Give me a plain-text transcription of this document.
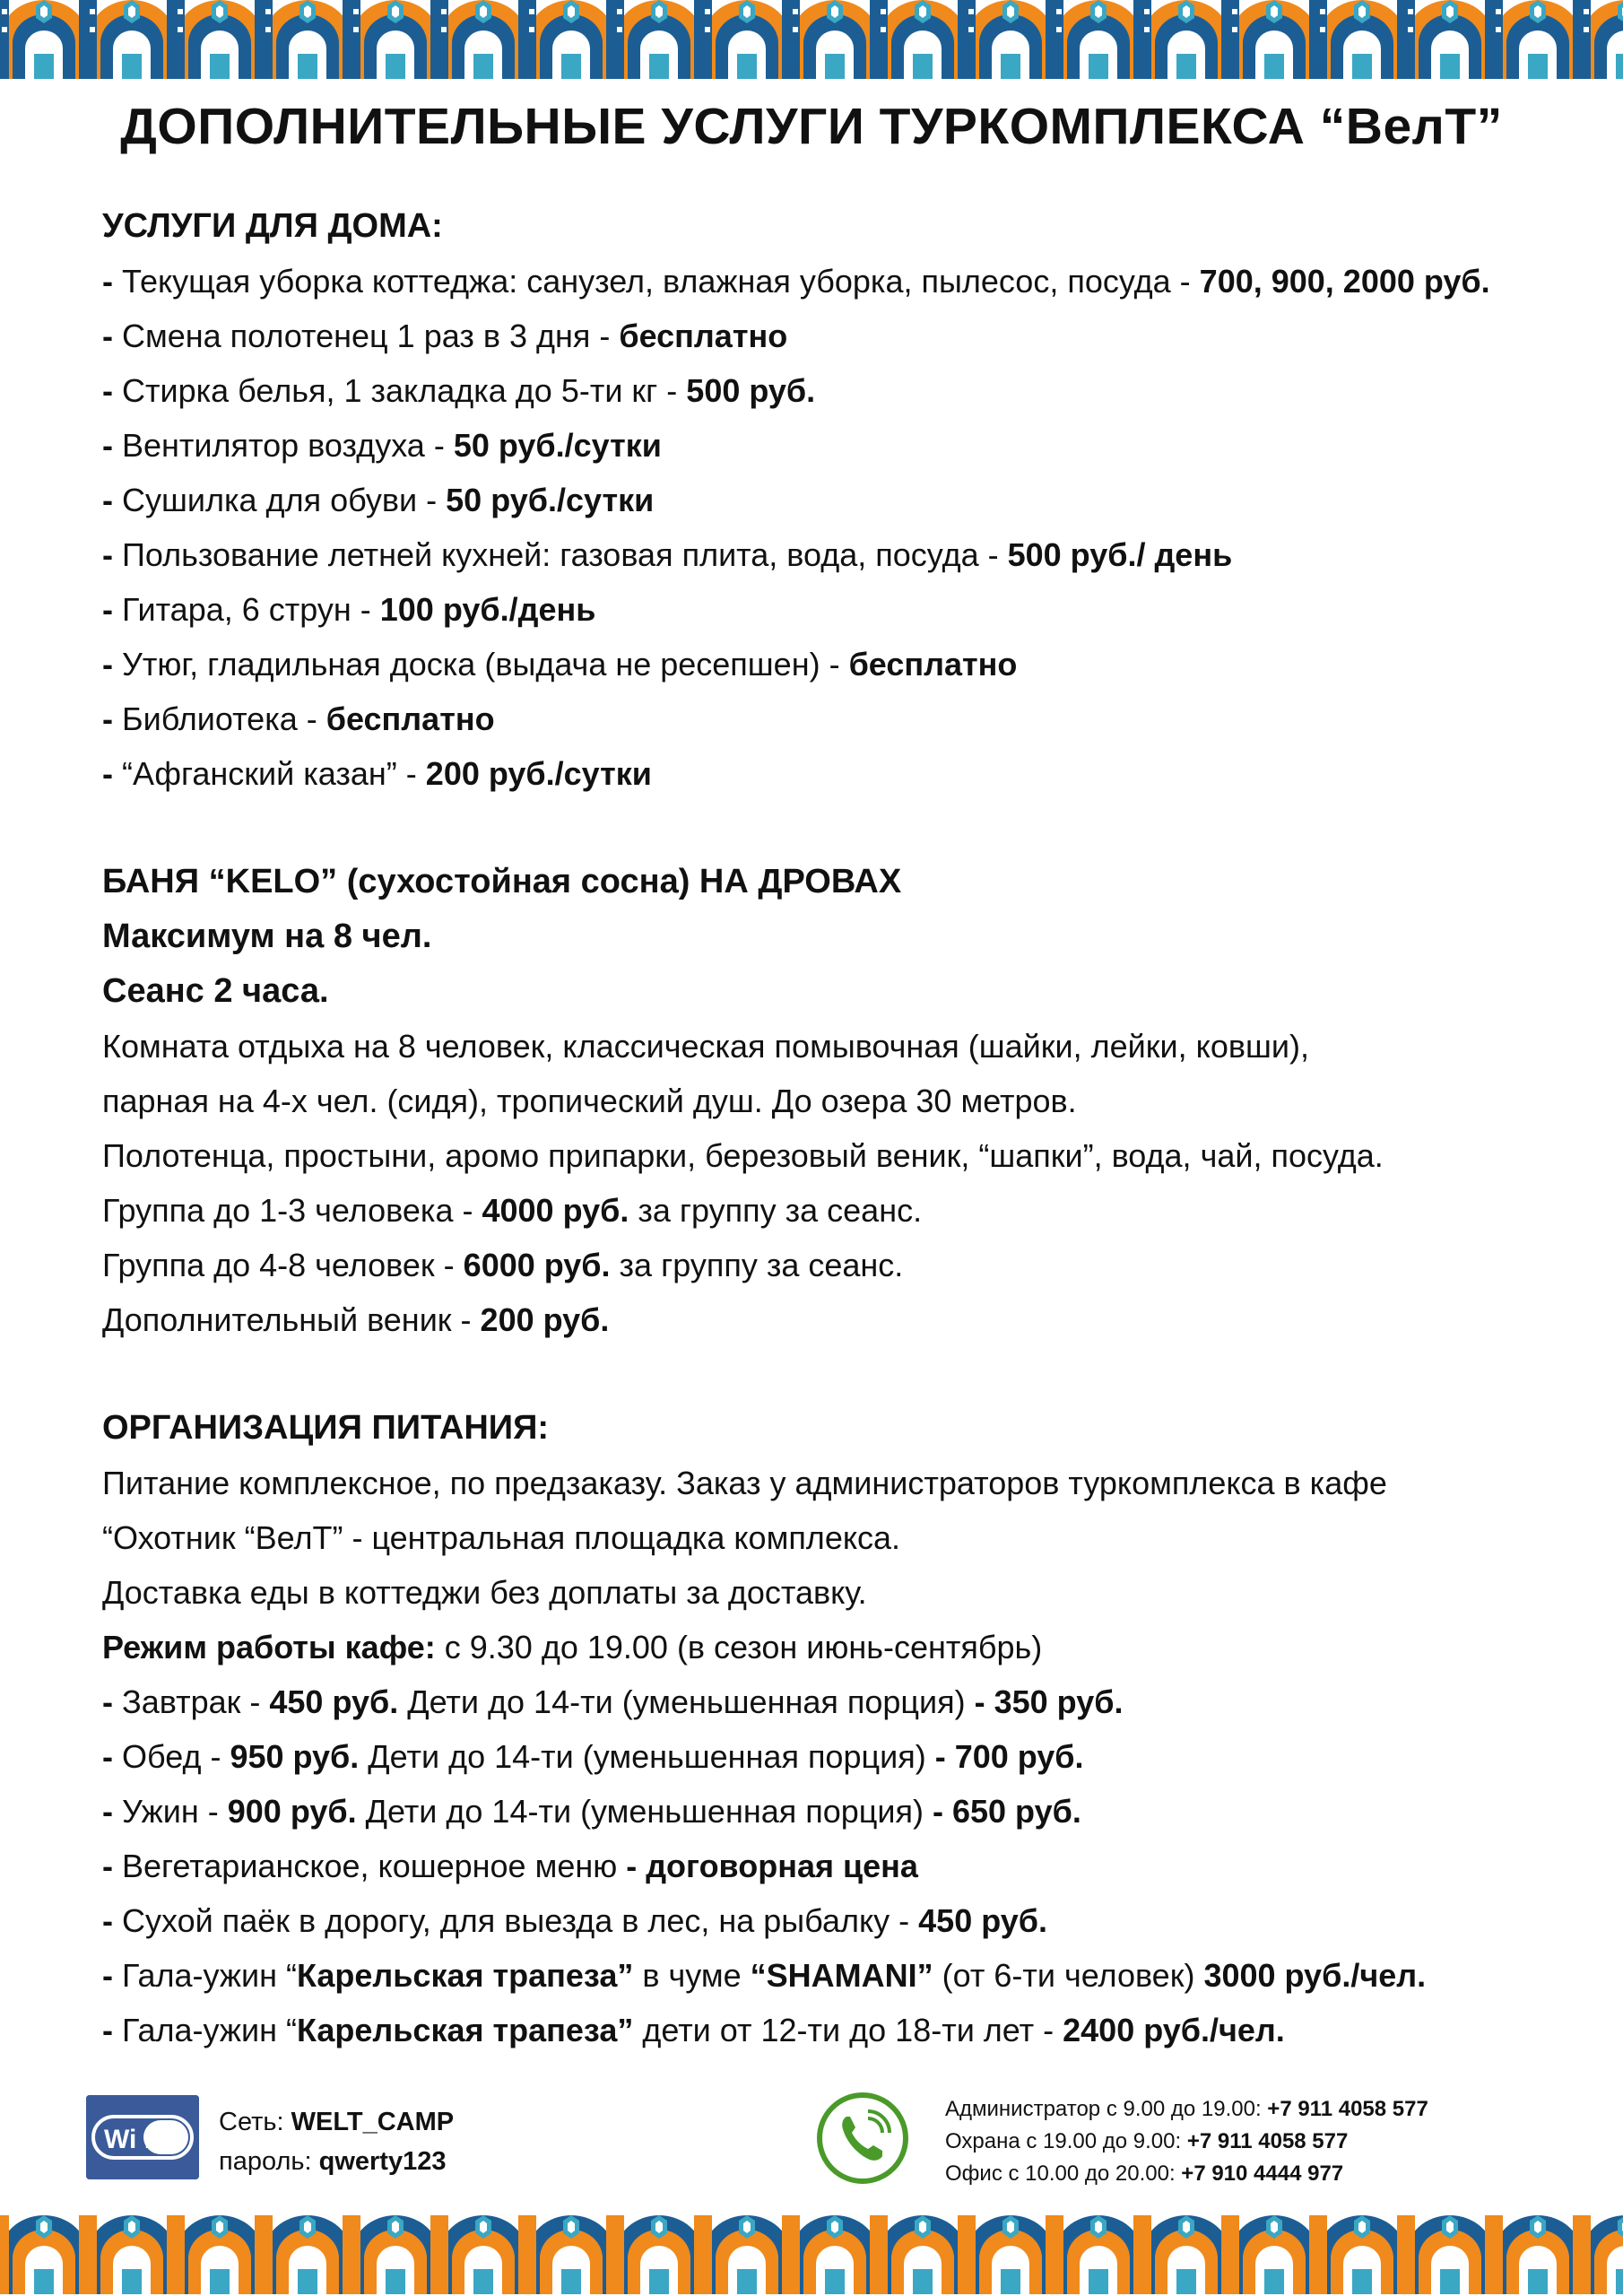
ДОПОЛНИТЕЛЬНЫЕ УСЛУГИ ТУРКОМПЛЕКСА “ВелТ”
УСЛУГИ ДЛЯ ДОМА:
- Текущая уборка коттеджа: санузел, влажная уборка, пылесос, посуда - 700, 900, 2000 руб.
- Смена полотенец 1 раз в 3 дня - бесплатно
- Стирка белья, 1 закладка до 5-ти кг - 500 руб.
- Вентилятор воздуха - 50 руб./сутки
- Сушилка для обуви - 50 руб./сутки
- Пользование летней кухней: газовая плита, вода, посуда - 500 руб./ день
- Гитара, 6 струн - 100 руб./день
- Утюг, гладильная доска (выдача не ресепшен) - бесплатно
- Библиотека - бесплатно
- “Афганский казан” - 200 руб./сутки
БАНЯ “KELO” (сухостойная сосна) НА ДРОВАХ
Максимум на 8 чел.
Сеанс 2 часа.
Комната отдыха на 8 человек, классическая помывочная (шайки, лейки, ковши),
парная на 4-х чел. (сидя), тропический душ. До озера 30 метров.
Полотенца, простыни, аромо припарки, березовый веник, “шапки”, вода, чай, посуда.
Группа до 1-3 человека - 4000 руб. за группу за сеанс.
Группа до 4-8 человек - 6000 руб. за группу за сеанс.
Дополнительный веник - 200 руб.
ОРГАНИЗАЦИЯ ПИТАНИЯ:
Питание комплексное, по предзаказу. Заказ у администраторов туркомплекса в кафе
“Охотник “ВелТ” - центральная площадка комплекса.
Доставка еды в коттеджи без доплаты за доставку.
Режим работы кафе: с 9.30 до 19.00 (в сезон июнь-сентябрь)
- Завтрак - 450 руб. Дети до 14-ти (уменьшенная порция) - 350 руб.
- Обед - 950 руб. Дети до 14-ти (уменьшенная порция) - 700 руб.
- Ужин - 900 руб. Дети до 14-ти (уменьшенная порция) - 650 руб.
- Вегетарианское, кошерное меню - договорная цена
- Сухой паёк в дорогу, для выезда в лес, на рыбалку - 450 руб.
- Гала-ужин “Карельская трапеза” в чуме “SHAMANI” (от 6-ти человек) 3000 руб./чел.
- Гала-ужин “Карельская трапеза” дети от 12-ти до 18-ти лет - 2400 руб./чел.
Wi Fi
Сеть: WELT_CAMP
пароль: qwerty123
Администратор с 9.00 до 19.00: +7 911 4058 577
Охрана с 19.00 до 9.00: +7 911 4058 577
Офис с 10.00 до 20.00: +7 910 4444 977
